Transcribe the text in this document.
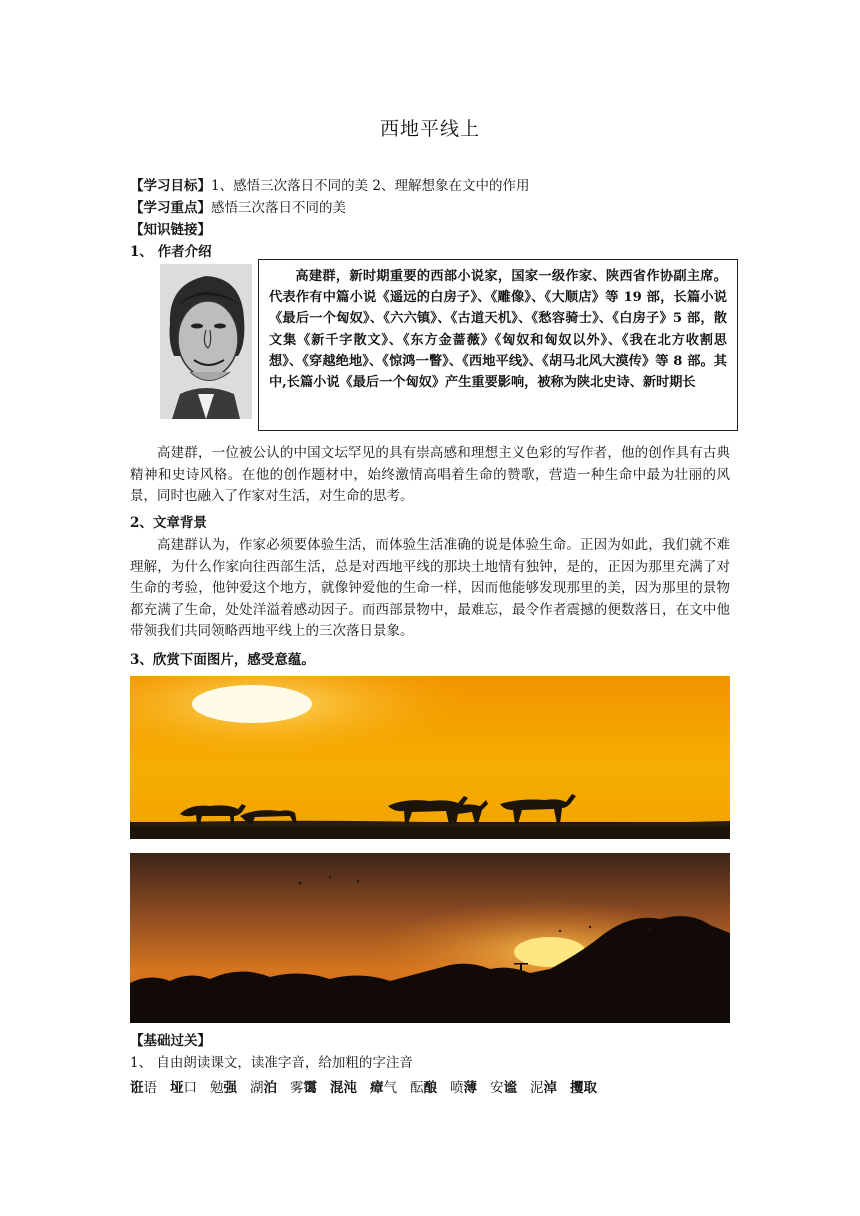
西地平线上
【学习目标】1、感悟三次落日不同的美 2、理解想象在文中的作用
【学习重点】感悟三次落日不同的美
【知识链接】
1、 作者介绍
高建群，新时期重要的西部小说家，国家一级作家、陕西省作协副主席。代表作有中篇小说《遥远的白房子》、《雕像》、《大顺店》等 19 部，长篇小说《最后一个匈奴》、《六六镇》、《古道天机》、《愁容骑士》、《白房子》5 部，散文集《新千字散文》、《东方金蔷薇》《匈奴和匈奴以外》、《我在北方收割思想》、《穿越绝地》、《惊鸿一瞥》、《西地平线》、《胡马北风大漠传》等 8 部。其中,长篇小说《最后一个匈奴》产生重要影响，被称为陕北史诗、新时期长
高建群，一位被公认的中国文坛罕见的具有崇高感和理想主义色彩的写作者，他的创作具有古典精神和史诗风格。在他的创作题材中，始终激情高唱着生命的赞歌，营造一种生命中最为壮丽的风景，同时也融入了作家对生活，对生命的思考。
2、文章背景
高建群认为，作家必须要体验生活，而体验生活准确的说是体验生命。正因为如此，我们就不难理解，为什么作家向往西部生活，总是对西地平线的那块土地情有独钟，是的，正因为那里充满了对生命的考验，他钟爱这个地方，就像钟爱他的生命一样，因而他能够发现那里的美，因为那里的景物都充满了生命，处处洋溢着感动因子。而西部景物中，最难忘，最令作者震撼的便数落日，在文中他带领我们共同领略西地平线上的三次落日景象。
3、欣赏下面图片，感受意蕴。
【基础过关】
1、 自由朗读课文，读准字音，给加粗的字注音
诳语 垭口 勉强 湖泊 雾霭 混沌 瘴气 酝酿 喷薄 安谧 泥淖 攫取
